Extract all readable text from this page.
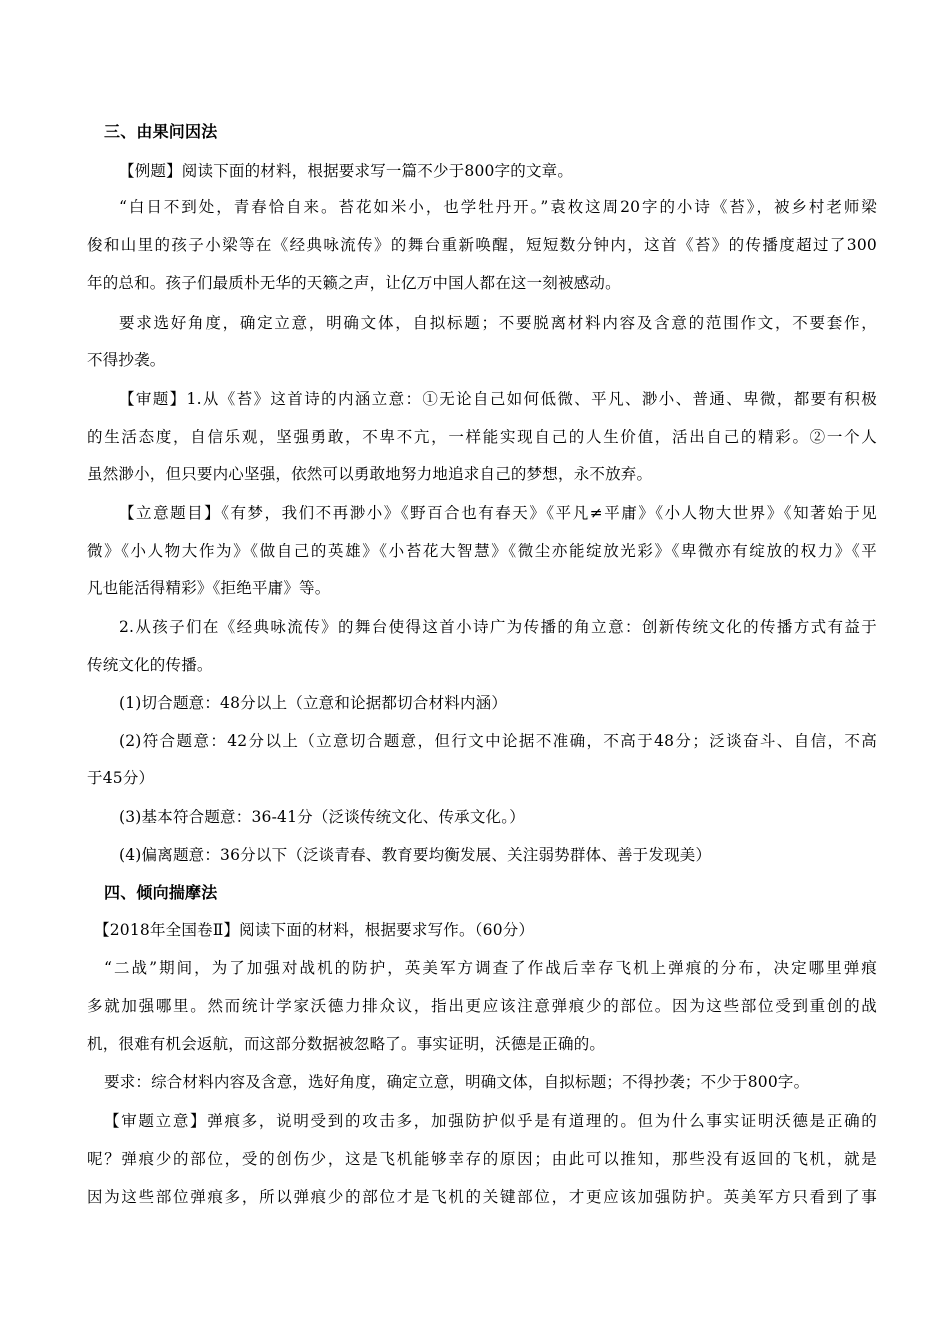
三、由果问因法
【例题】阅读下面的材料，根据要求写一篇不少于800字的文章。
“白日不到处，青春恰自来。苔花如米小，也学牡丹开。”袁枚这周20字的小诗《苔》，被乡村老师梁
俊和山里的孩子小梁等在《经典咏流传》的舞台重新唤醒，短短数分钟内，这首《苔》的传播度超过了300
年的总和。孩子们最质朴无华的天籁之声，让亿万中国人都在这一刻被感动。
要求选好角度，确定立意，明确文体，自拟标题；不要脱离材料内容及含意的范围作文，不要套作，
不得抄袭。
【审题】1.从《苔》这首诗的内涵立意：①无论自己如何低微、平凡、渺小、普通、卑微，都要有积极
的生活态度，自信乐观，坚强勇敢，不卑不亢，一样能实现自己的人生价值，活出自己的精彩。②一个人
虽然渺小，但只要内心坚强，依然可以勇敢地努力地追求自己的梦想，永不放弃。
【立意题目】《有梦，我们不再渺小》《野百合也有春天》《平凡≠平庸》《小人物大世界》《知著始于见
微》《小人物大作为》《做自己的英雄》《小苔花大智慧》《微尘亦能绽放光彩》《卑微亦有绽放的权力》《平
凡也能活得精彩》《拒绝平庸》等。
2.从孩子们在《经典咏流传》的舞台使得这首小诗广为传播的角立意：创新传统文化的传播方式有益于
传统文化的传播。
(1)切合题意：48分以上（立意和论据都切合材料内涵）
(2)符合题意：42分以上（立意切合题意，但行文中论据不准确，不高于48分；泛谈奋斗、自信，不高
于45分）
(3)基本符合题意：36-41分（泛谈传统文化、传承文化。）
(4)偏离题意：36分以下（泛谈青春、教育要均衡发展、关注弱势群体、善于发现美）
四、倾向揣摩法
【2018年全国卷Ⅱ】阅读下面的材料，根据要求写作。（60分）
“二战”期间，为了加强对战机的防护，英美军方调查了作战后幸存飞机上弹痕的分布，决定哪里弹痕
多就加强哪里。然而统计学家沃德力排众议，指出更应该注意弹痕少的部位。因为这些部位受到重创的战
机，很难有机会返航，而这部分数据被忽略了。事实证明，沃德是正确的。
要求：综合材料内容及含意，选好角度，确定立意，明确文体，自拟标题；不得抄袭；不少于800字。
【审题立意】弹痕多，说明受到的攻击多，加强防护似乎是有道理的。但为什么事实证明沃德是正确的
呢？弹痕少的部位，受的创伤少，这是飞机能够幸存的原因；由此可以推知，那些没有返回的飞机，就是
因为这些部位弹痕多，所以弹痕少的部位才是飞机的关键部位，才更应该加强防护。英美军方只看到了事
